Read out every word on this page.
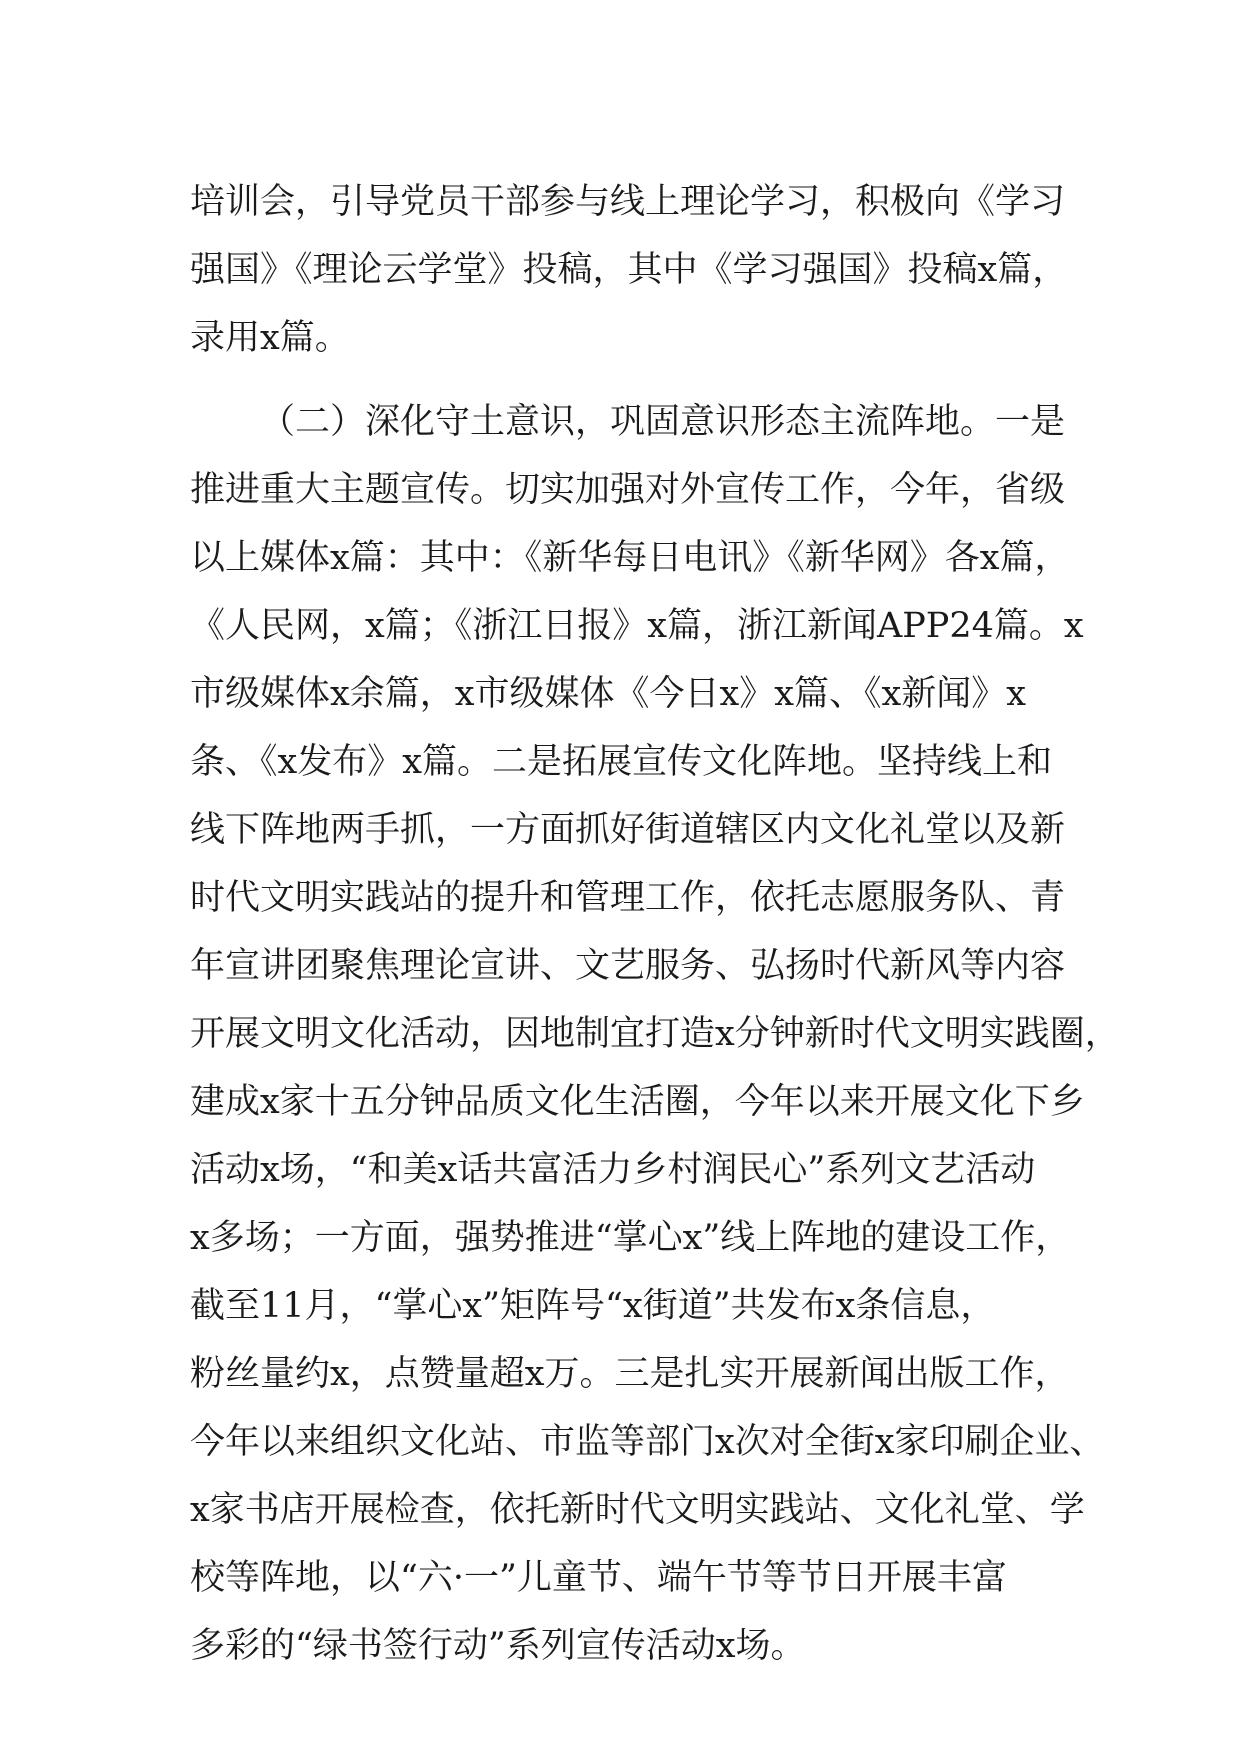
培训会，引导党员干部参与线上理论学习，积极向《学习
强国》《理论云学堂》投稿，其中《学习强国》投稿x篇，
录用x篇。
（二）深化守土意识，巩固意识形态主流阵地。一是
推进重大主题宣传。切实加强对外宣传工作，今年，省级
以上媒体x篇：其中：《新华每日电讯》《新华网》各x篇，
《人民网，x篇；《浙江日报》x篇，浙江新闻APP24篇。x
市级媒体x余篇，x市级媒体《今日x》x篇、《x新闻》x
条、《x发布》x篇。二是拓展宣传文化阵地。坚持线上和
线下阵地两手抓，一方面抓好街道辖区内文化礼堂以及新
时代文明实践站的提升和管理工作，依托志愿服务队、青
年宣讲团聚焦理论宣讲、文艺服务、弘扬时代新风等内容
开展文明文化活动，因地制宜打造x分钟新时代文明实践圈，
建成x家十五分钟品质文化生活圈，今年以来开展文化下乡
活动x场，“和美x话共富活力乡村润民心”系列文艺活动
x多场；一方面，强势推进“掌心x”线上阵地的建设工作，
截至11月，“掌心x”矩阵号“x街道”共发布x条信息，
粉丝量约x，点赞量超x万。三是扎实开展新闻出版工作，
今年以来组织文化站、市监等部门x次对全街x家印刷企业、
x家书店开展检查，依托新时代文明实践站、文化礼堂、学
校等阵地，以“六·一”儿童节、端午节等节日开展丰富
多彩的“绿书签行动”系列宣传活动x场。
